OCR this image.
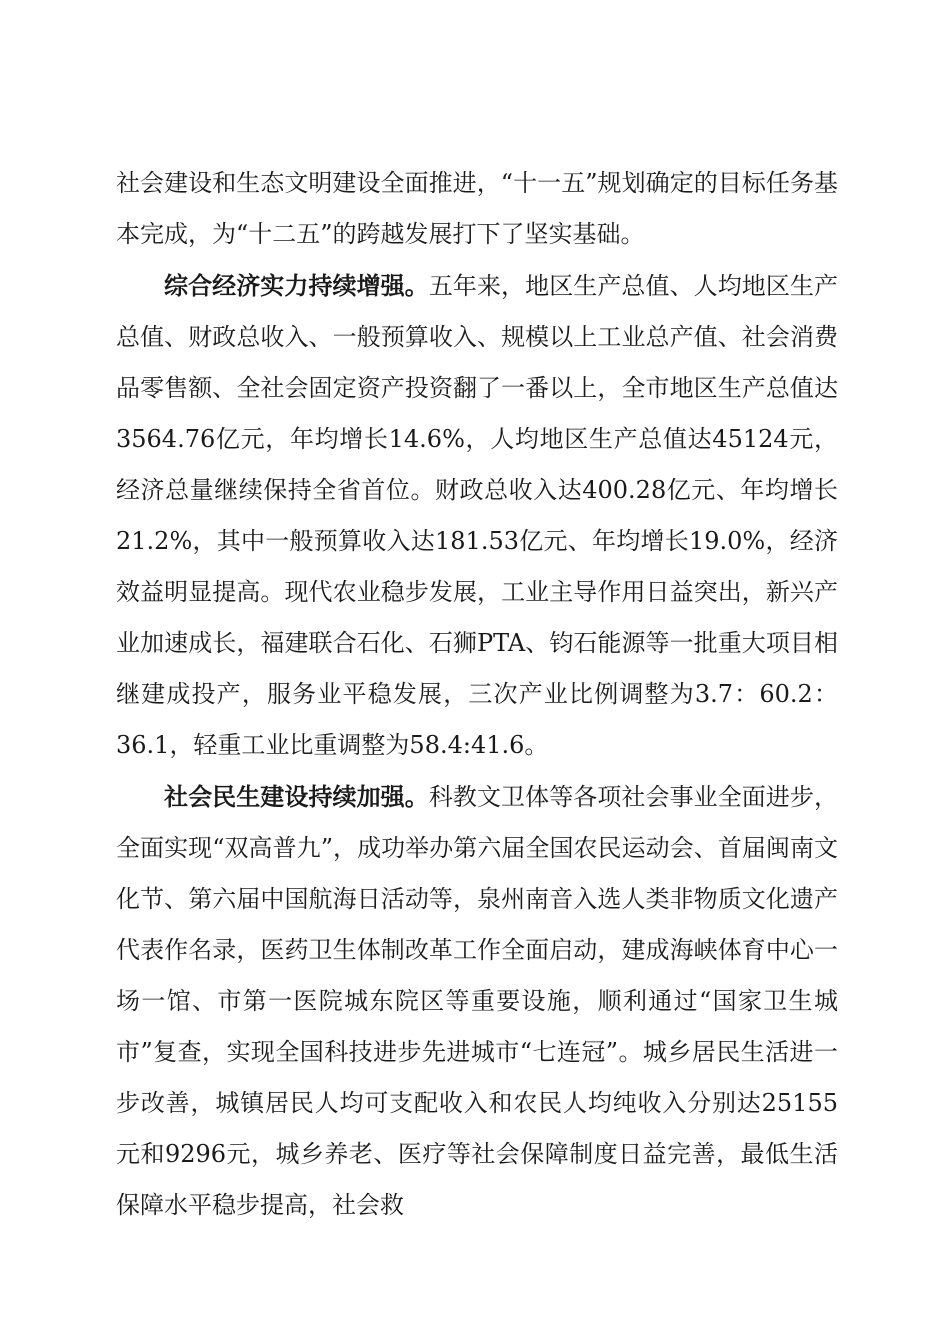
社会建设和生态文明建设全面推进，“十一五”规划确定的目标任务基本完成，为“十二五”的跨越发展打下了坚实基础。

综合经济实力持续增强。五年来，地区生产总值、人均地区生产总值、财政总收入、一般预算收入、规模以上工业总产值、社会消费品零售额、全社会固定资产投资翻了一番以上，全市地区生产总值达3564.76亿元，年均增长14.6%，人均地区生产总值达45124元，经济总量继续保持全省首位。财政总收入达400.28亿元、年均增长21.2%，其中一般预算收入达181.53亿元、年均增长19.0%，经济效益明显提高。现代农业稳步发展，工业主导作用日益突出，新兴产业加速成长，福建联合石化、石狮PTA、钧石能源等一批重大项目相继建成投产，服务业平稳发展，三次产业比例调整为3.7：60.2：36.1，轻重工业比重调整为58.4:41.6。

社会民生建设持续加强。科教文卫体等各项社会事业全面进步，全面实现“双高普九”，成功举办第六届全国农民运动会、首届闽南文化节、第六届中国航海日活动等，泉州南音入选人类非物质文化遗产代表作名录，医药卫生体制改革工作全面启动，建成海峡体育中心一场一馆、市第一医院城东院区等重要设施，顺利通过“国家卫生城市”复查，实现全国科技进步先进城市“七连冠”。城乡居民生活进一步改善，城镇居民人均可支配收入和农民人均纯收入分别达25155元和9296元，城乡养老、医疗等社会保障制度日益完善，最低生活保障水平稳步提高，社会救
